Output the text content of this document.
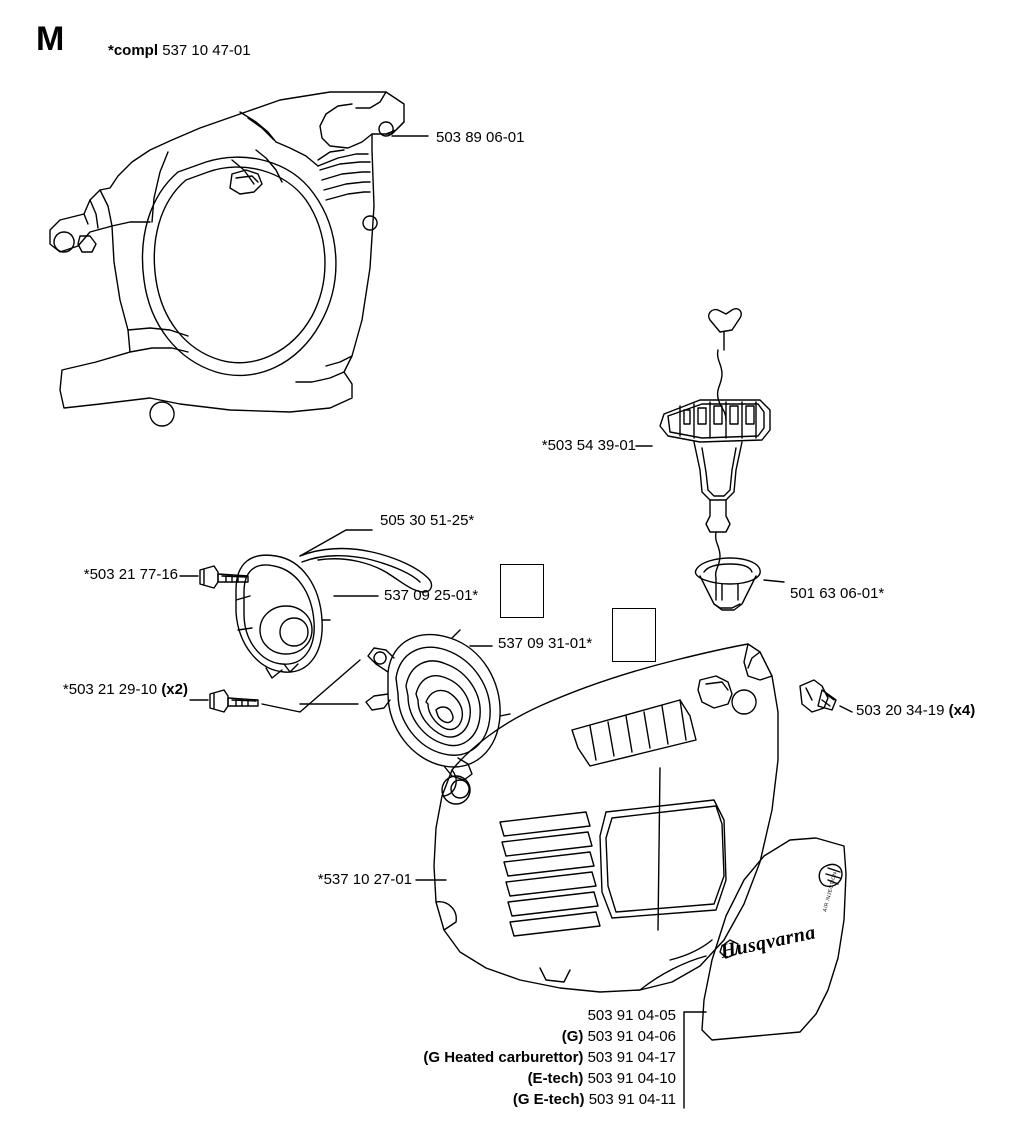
M	*compl 537 10 47-01
Husqvarna
AIR INJECTION
503 89 06-01
*503 54 39-01
501 63 06-01*
505 30 51-25*
537 09 25-01*
*503 21 77-16
537 09 31-01*
*503 21 29-10 (x2)
503 20 34-19 (x4)
*537 10 27-01
503 91 04-05
(G) 503 91 04-06
(G Heated carburettor) 503 91 04-17
(E-tech) 503 91 04-10
(G E-tech) 503 91 04-11
